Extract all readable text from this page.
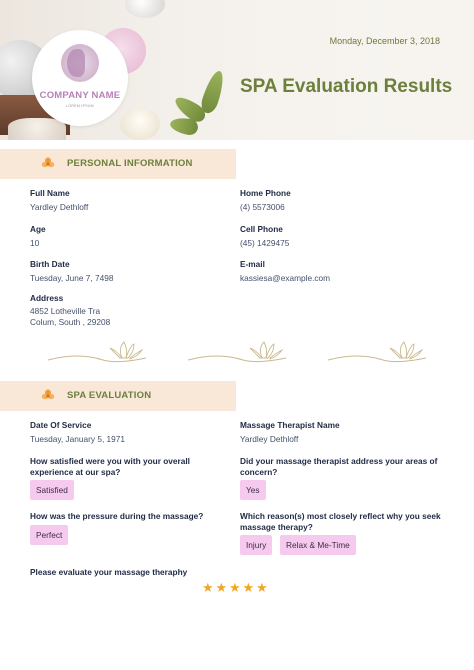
COMPANY NAME
LOREM IPSUM
Monday, December 3, 2018
SPA Evaluation Results
PERSONAL INFORMATION
Full Name
Yardley Dethloff
Age
10
Birth Date
Tuesday, June 7, 7498
Address
4852 Lotheville Tra
Colum, South , 29208
Home Phone
(4) 5573006
Cell Phone
(45) 1429475
E-mail
kassiesa@example.com
SPA EVALUATION
Date Of Service
Tuesday, January 5, 1971
Massage Therapist Name
Yardley Dethloff
How satisfied were you with your overall
experience at our spa?
Satisfied
Did your massage therapist address your areas of
concern?
Yes
How was the pressure during the massage?
Perfect
Which reason(s) most closely reflect why you seek
massage therapy?
Injury	Relax & Me-Time
Please evaluate your massage theraphy
★★★★★
